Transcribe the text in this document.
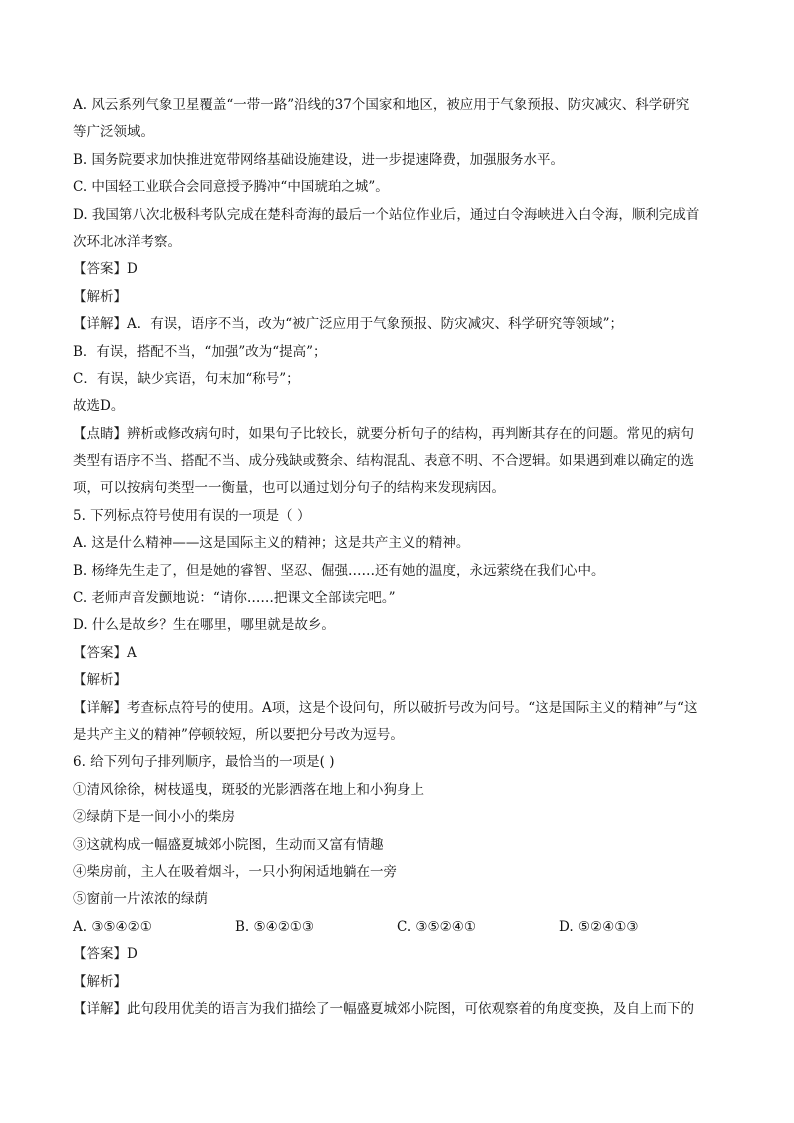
A. 风云系列气象卫星覆盖“一带一路”沿线的37个国家和地区，被应用于气象预报、防灾减灾、科学研究
等广泛领域。
B. 国务院要求加快推进宽带网络基础设施建设，进一步提速降费，加强服务水平。
C. 中国轻工业联合会同意授予腾冲“中国琥珀之城”。
D. 我国第八次北极科考队完成在楚科奇海的最后一个站位作业后，通过白令海峡进入白令海，顺利完成首
次环北冰洋考察。
【答案】D
【解析】
【详解】A．有误，语序不当，改为“被广泛应用于气象预报、防灾减灾、科学研究等领域”；
B．有误，搭配不当，“加强”改为“提高”；
C．有误，缺少宾语，句末加“称号”；
故选D。
【点睛】辨析或修改病句时，如果句子比较长，就要分析句子的结构，再判断其存在的问题。常见的病句
类型有语序不当、搭配不当、成分残缺或赘余、结构混乱、表意不明、不合逻辑。如果遇到难以确定的选
项，可以按病句类型一一衡量，也可以通过划分句子的结构来发现病因。
5. 下列标点符号使用有误的一项是（ ）
A. 这是什么精神——这是国际主义的精神；这是共产主义的精神。
B. 杨绛先生走了，但是她的睿智、坚忍、倔强……还有她的温度，永远萦绕在我们心中。
C. 老师声音发颤地说：“请你……把课文全部读完吧。”
D. 什么是故乡？生在哪里，哪里就是故乡。
【答案】A
【解析】
【详解】考查标点符号的使用。A项，这是个设问句，所以破折号改为问号。“这是国际主义的精神”与“这
是共产主义的精神”停顿较短，所以要把分号改为逗号。
6. 给下列句子排列顺序，最恰当的一项是( )
①清风徐徐，树枝遥曳，斑驳的光影洒落在地上和小狗身上
②绿荫下是一间小小的柴房
③这就构成一幅盛夏城郊小院图，生动而又富有情趣
④柴房前，主人在吸着烟斗，一只小狗闲适地躺在一旁
⑤窗前一片浓浓的绿荫
A. ③⑤④②①	B. ⑤④②①③	C. ③⑤②④①	D. ⑤②④①③
【答案】D
【解析】
【详解】此句段用优美的语言为我们描绘了一幅盛夏城郊小院图，可依观察着的角度变换，及自上而下的
